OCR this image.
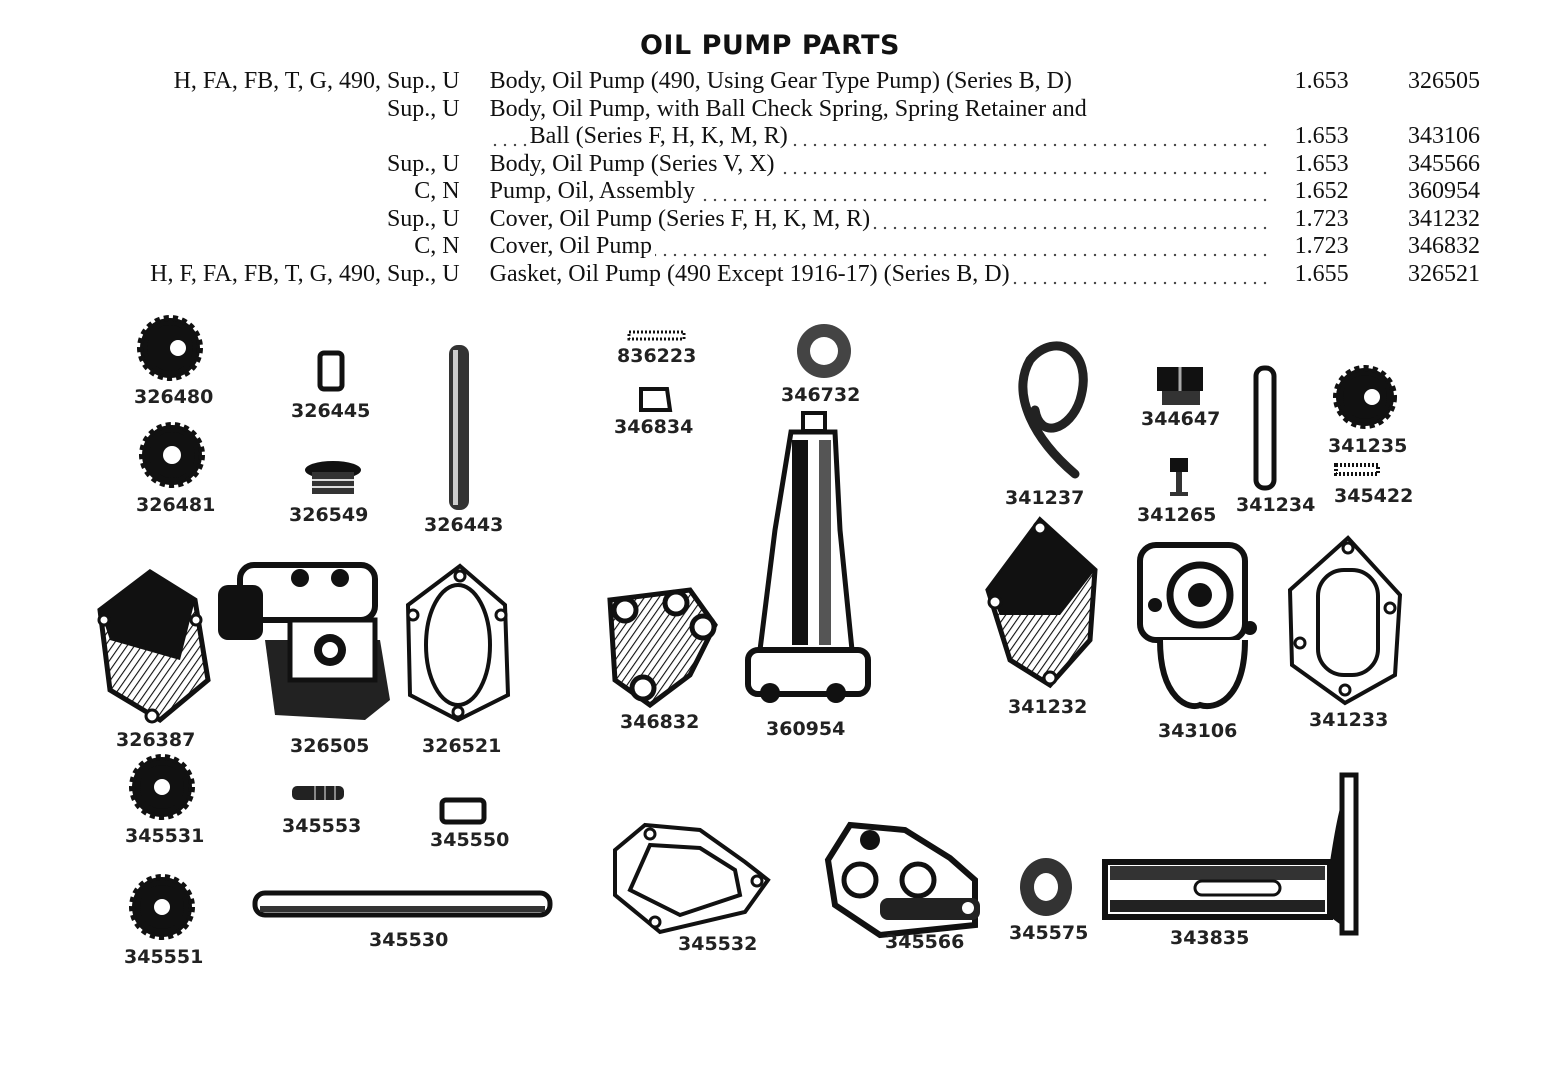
OIL PUMP PARTS
H, FA, FB, T, G, 490, Sup., U	Body, Oil Pump (490, Using Gear Type Pump) (Series B, D)	1.653	326505
Sup., U	Body, Oil Pump, with Ball Check Spring, Spring Retainer and		
	Ball (Series F, H, K, M, R)	1.653	343106
Sup., U	Body, Oil Pump (Series V, X)	1.653	345566
C, N	Pump, Oil, Assembly	1.652	360954
Sup., U	Cover, Oil Pump (Series F, H, K, M, R)	1.723	341232
C, N	Cover, Oil Pump	1.723	346832
H, F, FA, FB, T, G, 490, Sup., U	Gasket, Oil Pump (490 Except 1916-17) (Series B, D)	1.655	326521
326480
326481
326445
326549	326443
836223
346834
346732
341237
344647
341265 341234
341235
345422
326387	326505	326521
346832	360954
341232
343106	341233
345531	345553
345550
345551
345530	345532	345566 345575	343835
